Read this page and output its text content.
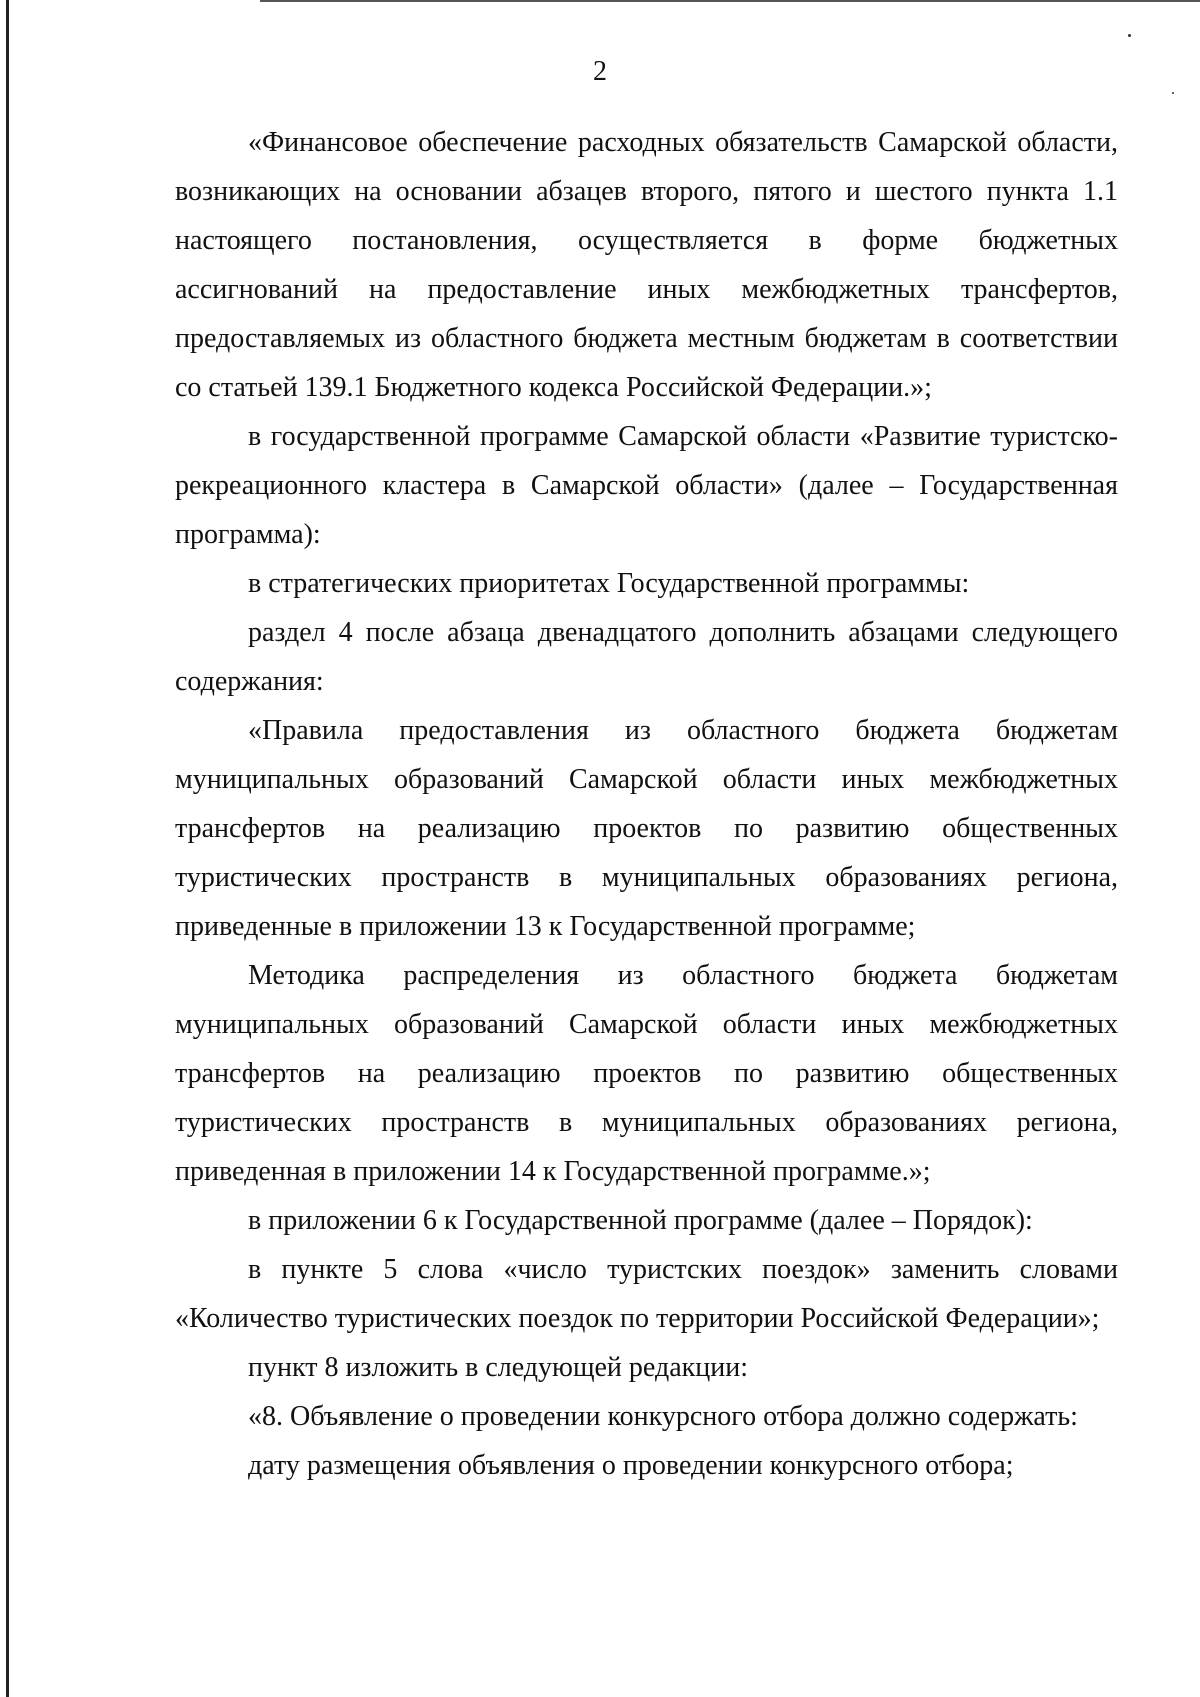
2

«Финансовое обеспечение расходных обязательств Самарской области, возникающих на основании абзацев второго, пятого и шестого пункта 1.1 настоящего постановления, осуществляется в форме бюджетных ассигнований на предоставление иных межбюджетных трансфертов, предоставляемых из областного бюджета местным бюджетам в соответствии со статьей 139.1 Бюджетного кодекса Российской Федерации.»;

в государственной программе Самарской области «Развитие туристско-рекреационного кластера в Самарской области» (далее – Государственная программа):

в стратегических приоритетах Государственной программы:

раздел 4 после абзаца двенадцатого дополнить абзацами следующего содержания:

«Правила предоставления из областного бюджета бюджетам муниципальных образований Самарской области иных межбюджетных трансфертов на реализацию проектов по развитию общественных туристических пространств в муниципальных образованиях региона, приведенные в приложении 13 к Государственной программе;

Методика распределения из областного бюджета бюджетам муниципальных образований Самарской области иных межбюджетных трансфертов на реализацию проектов по развитию общественных туристических пространств в муниципальных образованиях региона, приведенная в приложении 14 к Государственной программе.»;

в приложении 6 к Государственной программе (далее – Порядок):

в пункте 5 слова «число туристских поездок» заменить словами «Количество туристических поездок по территории Российской Федерации»;

пункт 8 изложить в следующей редакции:

«8. Объявление о проведении конкурсного отбора должно содержать:

дату размещения объявления о проведении конкурсного отбора;
